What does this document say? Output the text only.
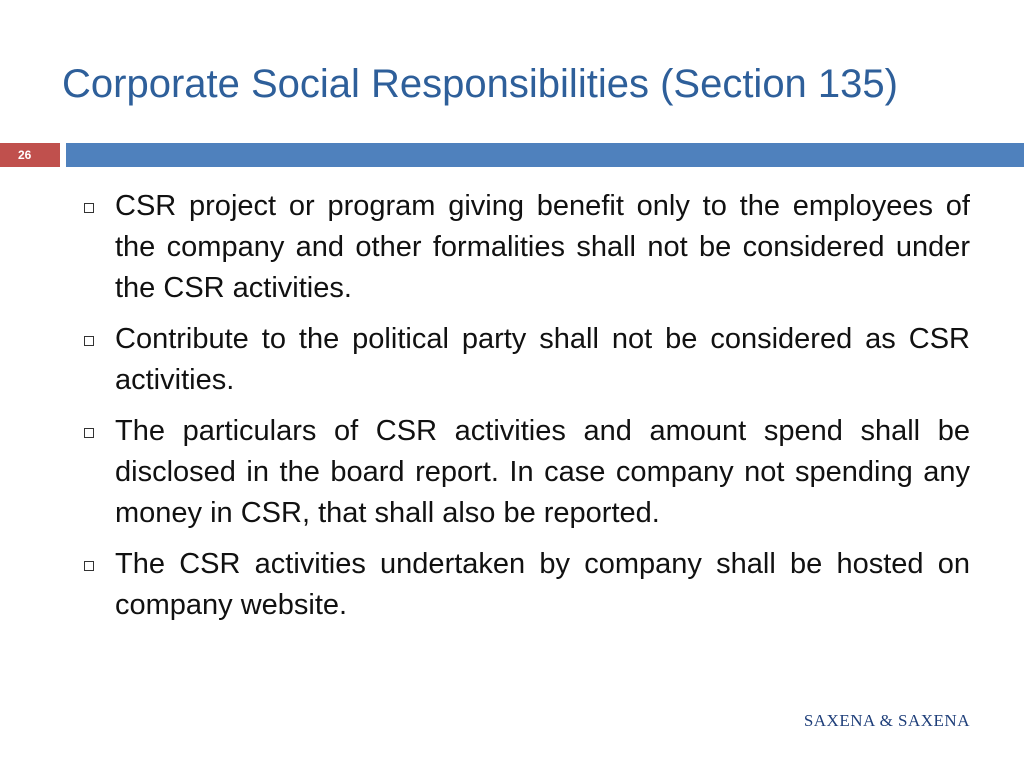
Corporate Social Responsibilities (Section 135)
26
CSR project or program giving benefit only to the employees of the company and other formalities shall not be considered under the CSR activities.
Contribute to the political party shall not be considered as CSR activities.
The particulars of CSR activities and amount spend shall be disclosed in the board report. In case company not spending any money in CSR, that shall also be reported.
The CSR activities undertaken by company shall be hosted on company website.
SAXENA & SAXENA
